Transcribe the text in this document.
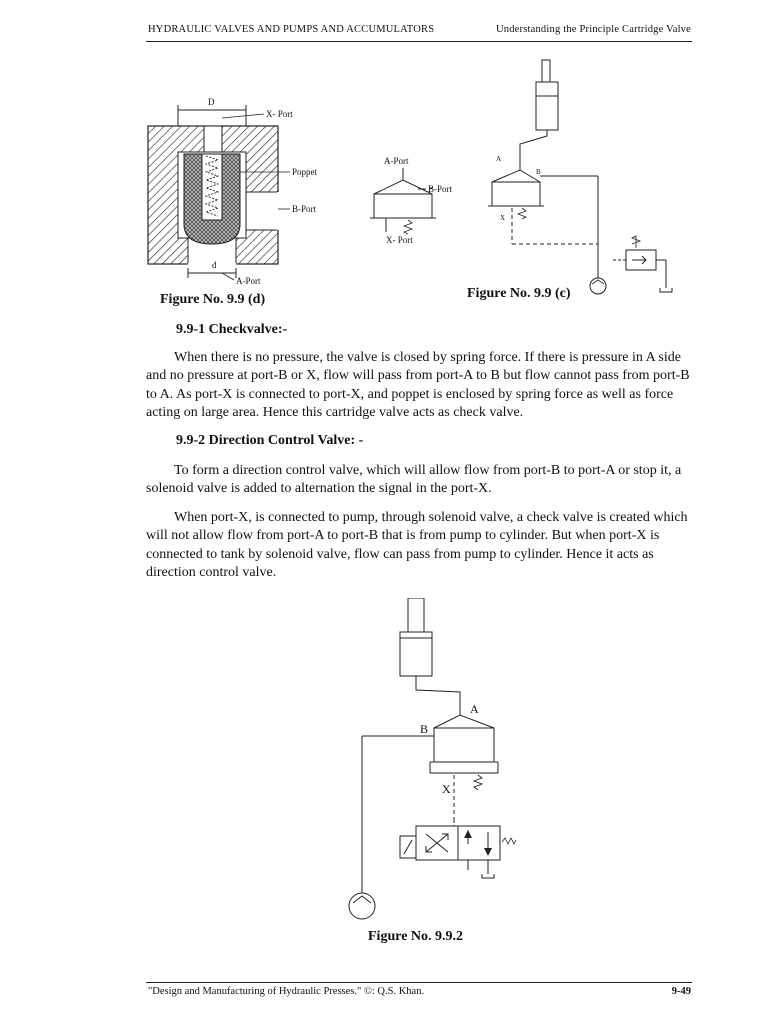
HYDRAULIC VALVES AND PUMPS AND ACCUMULATORS	Understanding the Principle Cartridge Valve
D
d
X- Port
Poppet
B-Port
A-Port
Figure No. 9.9 (d)
A-Port
B-Port
X- Port
A
B
X
Figure No. 9.9 (c)
9.9-1 Checkvalve:-

When there is no pressure, the valve is closed by spring force. If there is pressure in A side and no pressure at port-B or X, flow will pass from port-A to B but flow cannot pass from port-B to A. As port-X is connected to port-X, and poppet is enclosed by spring force as well as force acting on large area. Hence this cartridge valve acts as check valve.

9.9-2 Direction Control Valve: -

To form a direction control valve, which will allow flow from port-B to port-A or stop it, a solenoid valve is added to alternation the signal in the port-X.

When port-X, is connected to pump, through solenoid valve, a check valve is created which will not allow flow from port-A to port-B that is from pump to cylinder. But when port-X is connected to tank by solenoid valve, flow can pass from pump to cylinder. Hence it acts as direction control valve.

A
B
X
Figure No. 9.9.2
"Design and Manufacturing of Hydraulic Presses." ©: Q.S. Khan.	9-49
